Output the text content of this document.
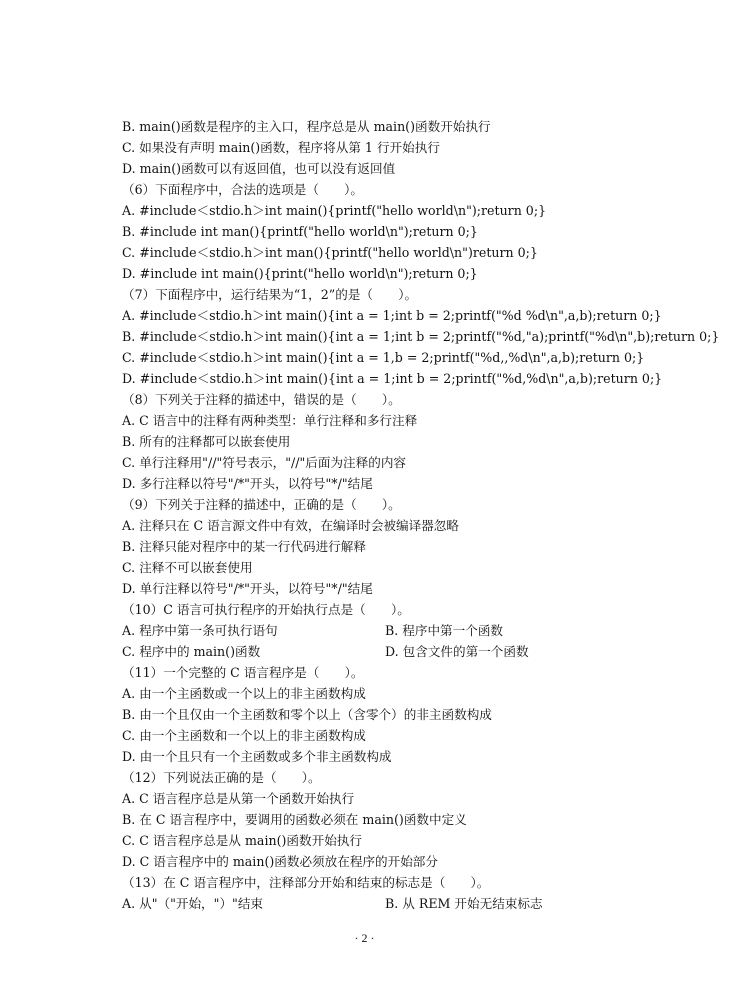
B. main()函数是程序的主入口，程序总是从 main()函数开始执行
C. 如果没有声明 main()函数，程序将从第 1 行开始执行
D. main()函数可以有返回值，也可以没有返回值
（6）下面程序中，合法的选项是（　　）。
A. #include＜stdio.h＞int main(){printf("hello world\n");return 0;}
B. #include int man(){printf("hello world\n");return 0;}
C. #include＜stdio.h＞int man(){printf("hello world\n")return 0;}
D. #include int main(){print("hello world\n");return 0;}
（7）下面程序中，运行结果为“1，2”的是（　　）。
A. #include＜stdio.h＞int main(){int a = 1;int b = 2;printf("%d %d\n",a,b);return 0;}
B. #include＜stdio.h＞int main(){int a = 1;int b = 2;printf("%d,"a);printf("%d\n",b);return 0;}
C. #include＜stdio.h＞int main(){int a = 1,b = 2;printf("%d,,%d\n",a,b);return 0;}
D. #include＜stdio.h＞int main(){int a = 1;int b = 2;printf("%d,%d\n",a,b);return 0;}
（8）下列关于注释的描述中，错误的是（　　）。
A. C 语言中的注释有两种类型：单行注释和多行注释
B. 所有的注释都可以嵌套使用
C. 单行注释用"//"符号表示，"//"后面为注释的内容
D. 多行注释以符号"/*"开头，以符号"*/"结尾
（9）下列关于注释的描述中，正确的是（　　）。
A. 注释只在 C 语言源文件中有效，在编译时会被编译器忽略
B. 注释只能对程序中的某一行代码进行解释
C. 注释不可以嵌套使用
D. 单行注释以符号"/*"开头，以符号"*/"结尾
（10）C 语言可执行程序的开始执行点是（　　）。
A. 程序中第一条可执行语句	B. 程序中第一个函数
C. 程序中的 main()函数	D. 包含文件的第一个函数
（11）一个完整的 C 语言程序是（　　）。
A. 由一个主函数或一个以上的非主函数构成
B. 由一个且仅由一个主函数和零个以上（含零个）的非主函数构成
C. 由一个主函数和一个以上的非主函数构成
D. 由一个且只有一个主函数或多个非主函数构成
（12）下列说法正确的是（　　）。
A. C 语言程序总是从第一个函数开始执行
B. 在 C 语言程序中，要调用的函数必须在 main()函数中定义
C. C 语言程序总是从 main()函数开始执行
D. C 语言程序中的 main()函数必须放在程序的开始部分
（13）在 C 语言程序中，注释部分开始和结束的标志是（　　）。
A. 从"（"开始，"）"结束	B. 从 REM 开始无结束标志
· 2 ·
